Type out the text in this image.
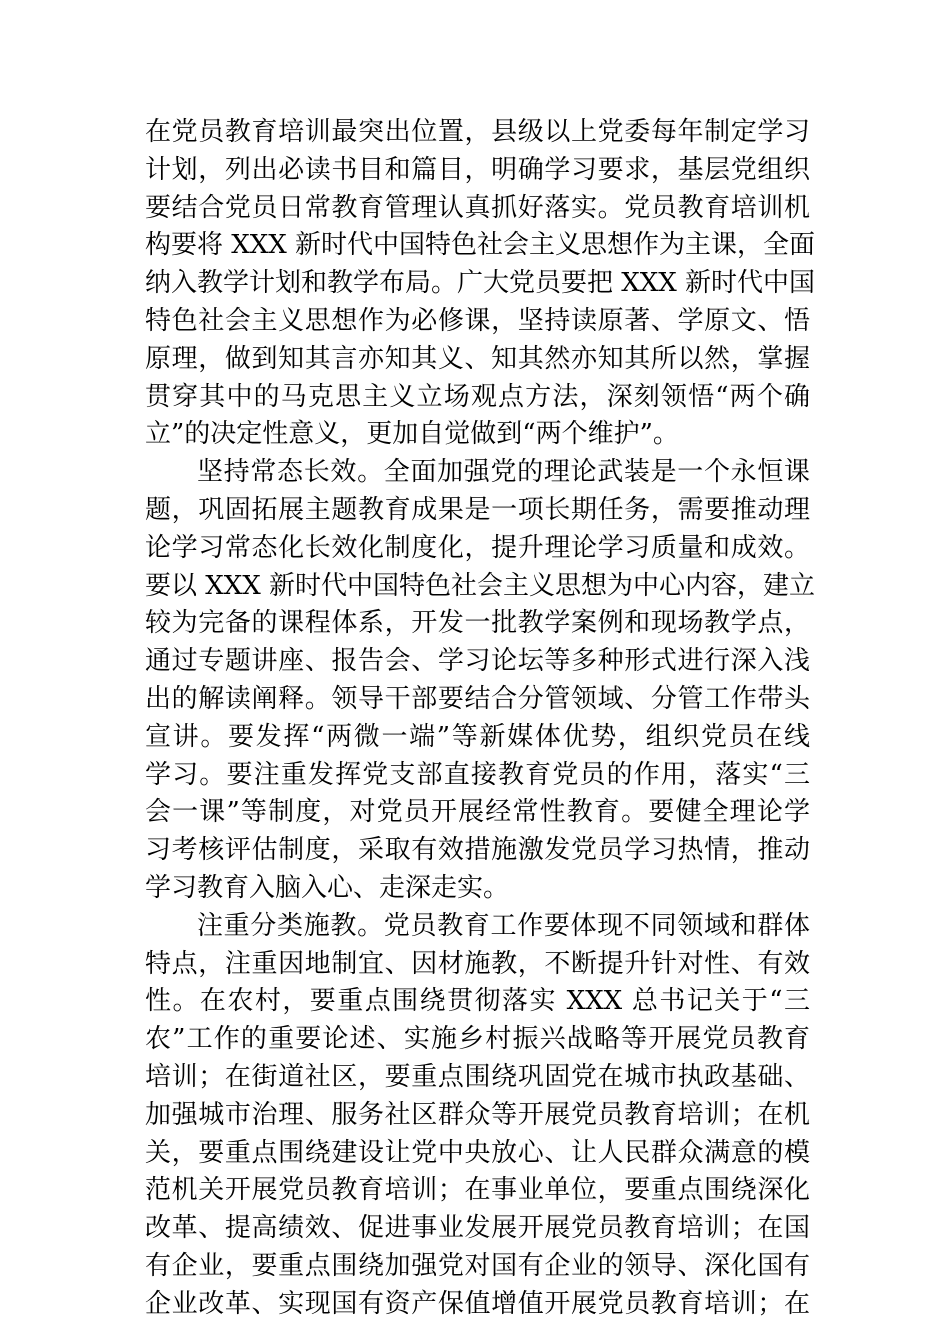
在党员教育培训最突出位置，县级以上党委每年制定学习
计划，列出必读书目和篇目，明确学习要求，基层党组织
要结合党员日常教育管理认真抓好落实。党员教育培训机
构要将 XXX 新时代中国特色社会主义思想作为主课，全面
纳入教学计划和教学布局。广大党员要把 XXX 新时代中国
特色社会主义思想作为必修课，坚持读原著、学原文、悟
原理，做到知其言亦知其义、知其然亦知其所以然，掌握
贯穿其中的马克思主义立场观点方法，深刻领悟“两个确
立”的决定性意义，更加自觉做到“两个维护”。
坚持常态长效。全面加强党的理论武装是一个永恒课
题，巩固拓展主题教育成果是一项长期任务，需要推动理
论学习常态化长效化制度化，提升理论学习质量和成效。
要以 XXX 新时代中国特色社会主义思想为中心内容，建立
较为完备的课程体系，开发一批教学案例和现场教学点，
通过专题讲座、报告会、学习论坛等多种形式进行深入浅
出的解读阐释。领导干部要结合分管领域、分管工作带头
宣讲。要发挥“两微一端”等新媒体优势，组织党员在线
学习。要注重发挥党支部直接教育党员的作用，落实“三
会一课”等制度，对党员开展经常性教育。要健全理论学
习考核评估制度，采取有效措施激发党员学习热情，推动
学习教育入脑入心、走深走实。
注重分类施教。党员教育工作要体现不同领域和群体
特点，注重因地制宜、因材施教，不断提升针对性、有效
性。在农村，要重点围绕贯彻落实 XXX 总书记关于“三
农”工作的重要论述、实施乡村振兴战略等开展党员教育
培训；在街道社区，要重点围绕巩固党在城市执政基础、
加强城市治理、服务社区群众等开展党员教育培训；在机
关，要重点围绕建设让党中央放心、让人民群众满意的模
范机关开展党员教育培训；在事业单位，要重点围绕深化
改革、提高绩效、促进事业发展开展党员教育培训；在国
有企业，要重点围绕加强党对国有企业的领导、深化国有
企业改革、实现国有资产保值增值开展党员教育培训；在
